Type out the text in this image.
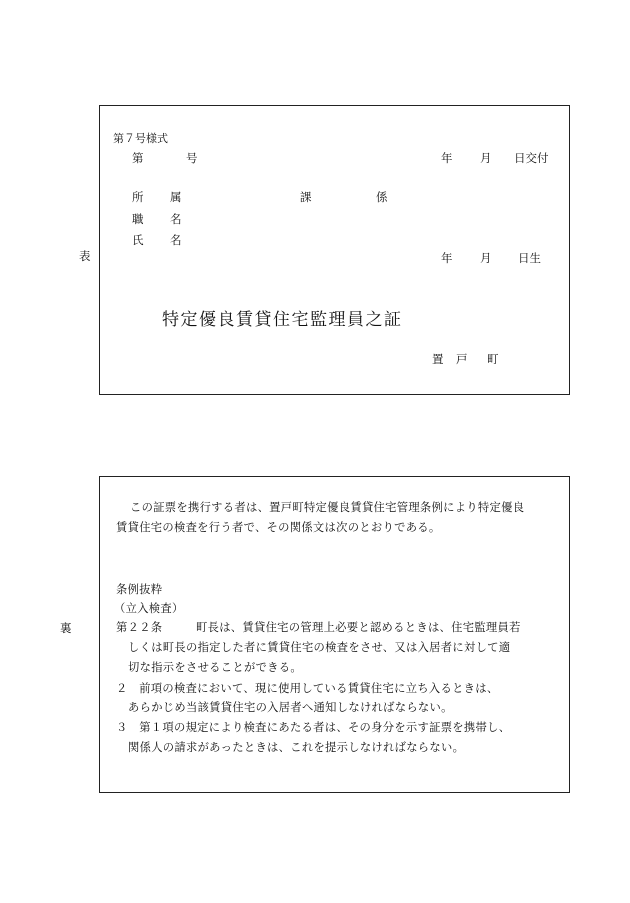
表
第７号様式
第	号	年 月 日交付
所 属	課	係
職 名
氏 名
年 月 日生
特定優良賃貸住宅監理員之証
置 戸 町
裏
この証票を携行する者は、置戸町特定優良賃貸住宅管理条例により特定優良
賃貸住宅の検査を行う者で、その関係文は次のとおりである。
条例抜粋
（立入検査）
第２２条	町長は、賃貸住宅の管理上必要と認めるときは、住宅監理員若
しくは町長の指定した者に賃貸住宅の検査をさせ、又は入居者に対して適
切な指示をさせることができる。
２　前項の検査において、現に使用している賃貸住宅に立ち入るときは、
あらかじめ当該賃貸住宅の入居者へ通知しなければならない。
３　第１項の規定により検査にあたる者は、その身分を示す証票を携帯し、
関係人の請求があったときは、これを提示しなければならない。
